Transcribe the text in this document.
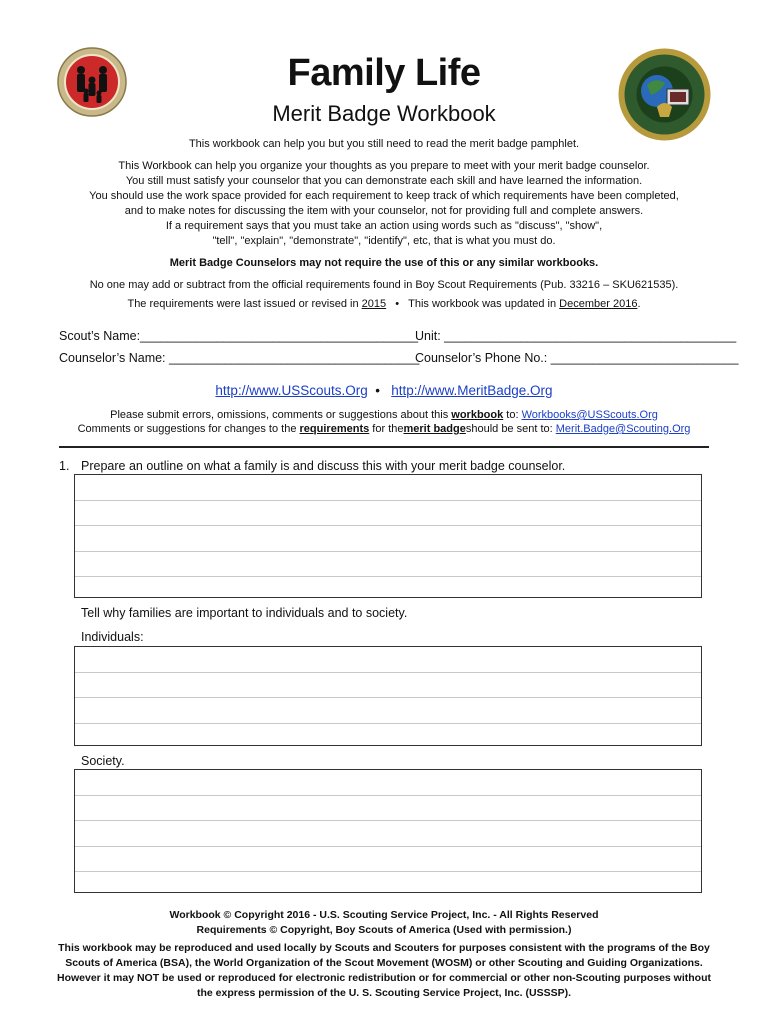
Family Life
Merit Badge Workbook
This workbook can help you but you still need to read the merit badge pamphlet.
This Workbook can help you organize your thoughts as you prepare to meet with your merit badge counselor.
You still must satisfy your counselor that you can demonstrate each skill and have learned the information.
You should use the work space provided for each requirement to keep track of which requirements have been completed,
and to make notes for discussing the item with your counselor, not for providing full and complete answers.
If a requirement says that you must take an action using words such as "discuss", "show",
"tell", "explain", "demonstrate", "identify", etc, that is what you must do.
Merit Badge Counselors may not require the use of this or any similar workbooks.
No one may add or subtract from the official requirements found in Boy Scout Requirements (Pub. 33216 – SKU621535).
The requirements were last issued or revised in 2015 • This workbook was updated in December 2016.
Scout’s Name:________________________________________
Unit: __________________________________________
Counselor’s Name: ____________________________________
Counselor’s Phone No.: ___________________________
http://www.USScouts.Org • http://www.MeritBadge.Org
Please submit errors, omissions, comments or suggestions about this workbook to: Workbooks@USScouts.Org
Comments or suggestions for changes to the requirements for themerit badgeshould be sent to: Merit.Badge@Scouting.Org
1. Prepare an outline on what a family is and discuss this with your merit badge counselor.
Tell why families are important to individuals and to society.
Individuals:
Society.
Workbook © Copyright 2016 - U.S. Scouting Service Project, Inc. - All Rights Reserved
Requirements © Copyright, Boy Scouts of America (Used with permission.)
This workbook may be reproduced and used locally by Scouts and Scouters for purposes consistent with the programs of the Boy
Scouts of America (BSA), the World Organization of the Scout Movement (WOSM) or other Scouting and Guiding Organizations.
However it may NOT be used or reproduced for electronic redistribution or for commercial or other non-Scouting purposes without
the express permission of the U. S. Scouting Service Project, Inc. (USSSP).
